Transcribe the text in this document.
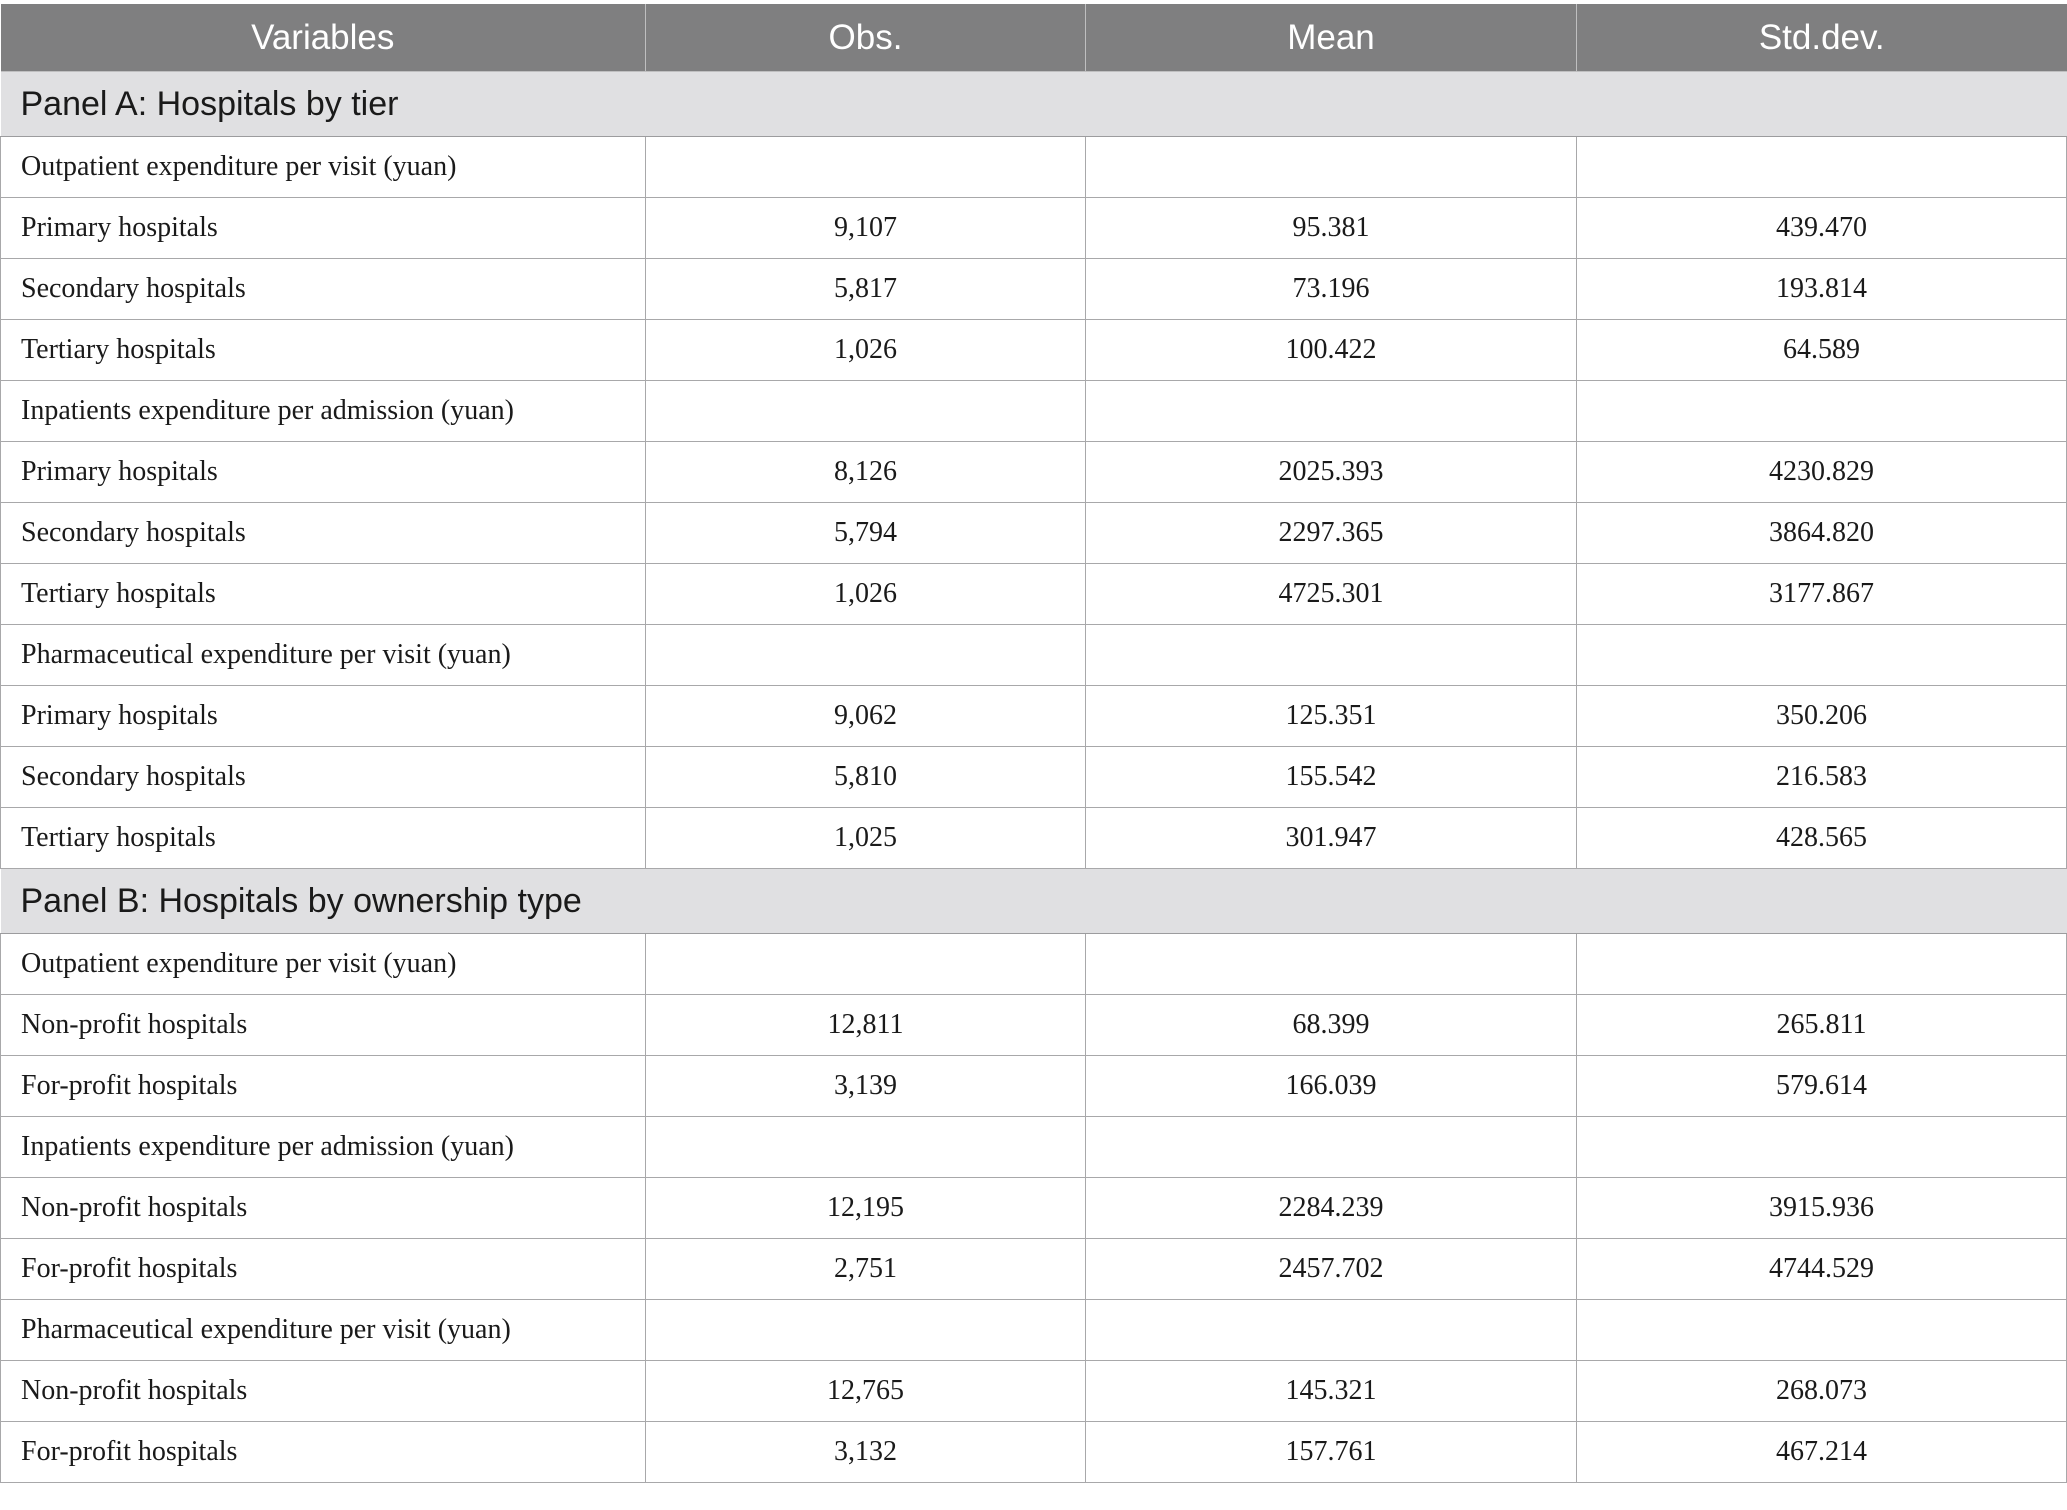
Variables	Obs.	Mean	Std.dev.
Panel A: Hospitals by tier			
Outpatient expenditure per visit (yuan)			
Primary hospitals	9,107	95.381	439.470
Secondary hospitals	5,817	73.196	193.814
Tertiary hospitals	1,026	100.422	64.589
Inpatients expenditure per admission (yuan)			
Primary hospitals	8,126	2025.393	4230.829
Secondary hospitals	5,794	2297.365	3864.820
Tertiary hospitals	1,026	4725.301	3177.867
Pharmaceutical expenditure per visit (yuan)			
Primary hospitals	9,062	125.351	350.206
Secondary hospitals	5,810	155.542	216.583
Tertiary hospitals	1,025	301.947	428.565
Panel B: Hospitals by ownership type			
Outpatient expenditure per visit (yuan)			
Non-profit hospitals	12,811	68.399	265.811
For-profit hospitals	3,139	166.039	579.614
Inpatients expenditure per admission (yuan)			
Non-profit hospitals	12,195	2284.239	3915.936
For-profit hospitals	2,751	2457.702	4744.529
Pharmaceutical expenditure per visit (yuan)			
Non-profit hospitals	12,765	145.321	268.073
For-profit hospitals	3,132	157.761	467.214
